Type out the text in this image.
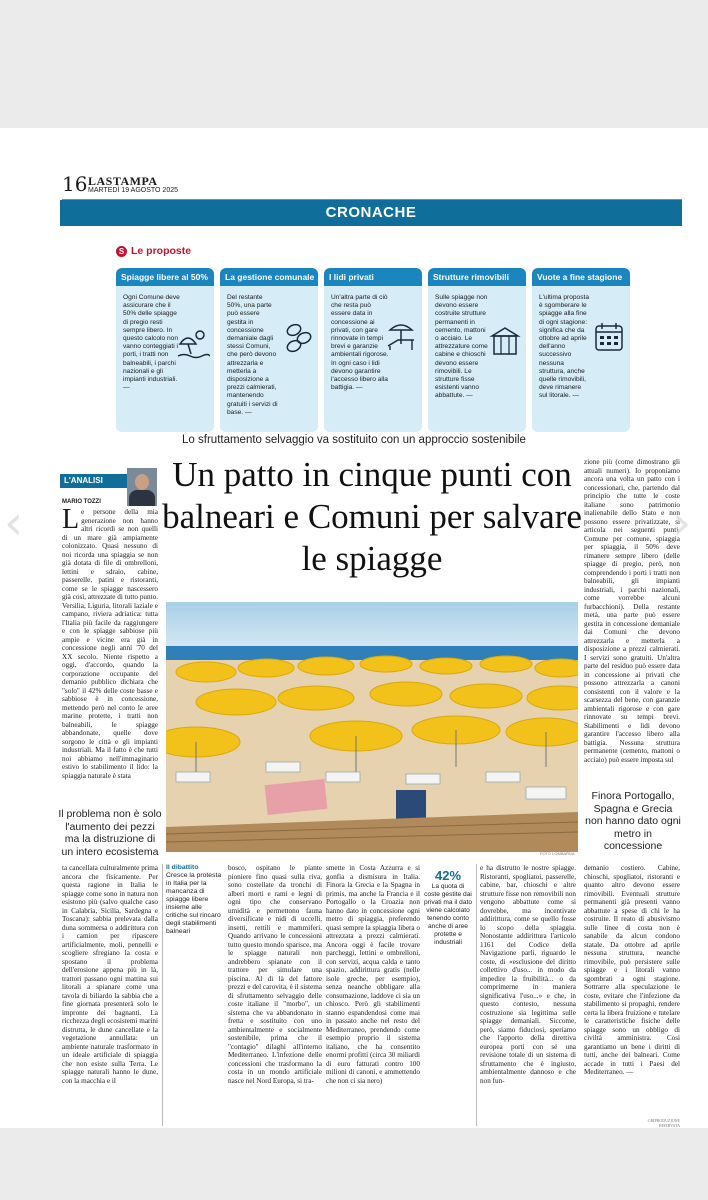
16 LASTAMPA
MARTEDÌ 19 AGOSTO 2025
CRONACHE
S Le proposte
Spiagge libere al 50%
Ogni Comune deve assicurare che il 50% delle spiagge di pregio resti sempre libero. In questo calcolo non vanno conteggiati i porti, i tratti non balneabili, i parchi nazionali e gli impianti industriali. —
La gestione comunale
Del restante 50%, una parte può essere gestita in concessione demaniale dagli stessi Comuni, che però devono attrezzarla e metterla a disposizione a prezzi calmierati, mantenendo gratuiti i servizi di base. —
I lidi privati
Un'altra parte di ciò che resta può essere data in concessione ai privati, con gare rinnovate in tempi brevi e garanzie ambientali rigorose. In ogni caso i lidi devono garantire l'accesso libero alla battigia. —
Strutture rimovibili
Sulle spiagge non devono essere costruite strutture permanenti in cemento, mattoni o acciaio. Le attrezzature come cabine e chioschi devono essere rimovibili. Le strutture fisse esistenti vanno abbattute. —
Vuote a fine stagione
L'ultima proposta è sgomberare le spiagge alla fine di ogni stagione: significa che da ottobre ad aprile dell'anno successivo nessuna struttura, anche quelle rimovibili, deve rimanere sul litorale. —
Lo sfruttamento selvaggio va sostituito con un approccio sostenibile
L'ANALISI
MARIO TOZZI
Un patto in cinque punti con balneari e Comuni per salvare le spiagge
Le persone della mia generazione non hanno altri ricordi se non quelli di un mare già ampiamente colonizzato. Quasi nessuno di noi ricorda una spiaggia se non già dotata di file di ombrelloni, lettini e sdraio, cabine, passerelle, patini e ristoranti, come se le spiagge nascessero già così, attrezzate di tutto punto. Versilia, Liguria, litorali laziale e campano, riviera adriatica: tutta l'Italia più facile da raggiungere e con le spiagge sabbiose più ampie e vicine era già in concessione negli anni '70 del XX secolo. Niente rispetto a oggi, d'accordo, quando la corporazione occupante del demanio pubblico dichiara che "solo" il 42% delle coste basse e sabbiose è in concessione, mettendo però nel conto le aree marine protette, i tratti non balneabili, le spiagge abbandonate, quelle dove sorgono le città e gli impianti industriali. Ma il fatto è che tutti noi abbiamo nell'immaginario estivo lo stabilimento il lido: la spiaggia naturale è stata
Il problema non è solo l'aumento dei pezzi ma la distruzione di un intero ecosistema
zione più (come dimostrano gli attuali numeri). Io proponiamo ancora una volta un patto con i concessionari, che, partendo dal principio che tutte le coste italiane sono patrimonio inalienabile dello Stato e non possono essere privatizzate, si articola nei seguenti punti. Comune per comune, spiaggia per spiaggia, il 50% deve rimanere sempre libero (delle spiagge di pregio, però, non comprendendo i porti i tratti non balneabili, gli impianti industriali, i parchi nazionali, come vorrebbe alcuni furbacchioni). Della restante metà, una parte può essere gestita in concessione demaniale dai Comuni che devono attrezzarla e metterla a disposizione a prezzi calmierati. I servizi sono gratuiti. Un'altra parte del residuo può essere data in concessione ai privati che possono attrezzarla a canoni consistenti con il valore e la scarsezza del bene, con garanzie ambientali rigorose e con gare rinnovate su tempi brevi. Stabilimenti e lidi devono garantire l'accesso libero alla battigia. Nessuna struttura permanente (cemento, mattoni o acciaio) può essere imposta sul
Finora Portogallo, Spagna e Grecia non hanno dato ogni metro in concessione
FOTO LOMBARDA
ta cancellata culturalmente prima ancora che fisicamente. Per questa ragione in Italia le spiagge come sono in natura non esistono più (salvo qualche caso in Calabria, Sicilia, Sardegna e Toscana): sabbia prelevata dalla duna sommersa o addirittura con i camion per ripascere artificialmente, moli, pennelli e scogliere sfregiano la costa e spostano il problema dell'erosione appena più in là, trattori passano ogni mattina sui litorali a spianare come una tavola di biliardo la sabbia che a fine giornata presenterà solo le impronte dei bagnanti. La ricchezza degli ecosistemi marini distrutta, le dune cancellate e la vegetazione annullata: un ambiente naturale trasformato in un ideale artificiale di spiaggia che non esiste sulla Terra. Le spiagge naturali hanno le dune, con la macchia e il
Il dibattito
Cresce la protesta in Italia per la mancanza di spiagge libere insieme alle critiche sul rincaro degli stabilimenti balneari
bosco, ospitano le piante pioniere fino quasi sulla riva, sono costellate da tronchi di alberi morti e rami e legni di ogni tipo che conservano umidità e permettono fauna diversificate e nidi di uccelli, insetti, rettili e mammiferi. Quando arrivano le concessioni tutto questo mondo sparisce, ma le spiagge naturali non andrebbero spianate con il trattore per simulare una piscina. Al di là del fattore prezzi e del carovita, è il sistema di sfruttamento selvaggio delle coste italiane il "morbo", un sistema che va abbandonato in fretta e sostituito con uno ambientalmente e socialmente sostenibile, prima che il "contagio" dilaghi all'interno Mediterraneo. L'infezione delle concessioni che trasformano la costa in un mondo artificiale nasce nel Nord Europa, si tra-
smette in Costa Azzurra e si gonfia a dismisura in Italia. Finora la Grecia e la Spagna in primis, ma anche la Francia e il Portogallo o la Croazia non hanno dato in concessione ogni metro di spiaggia, preferendo quasi sempre la spiaggia libera o attrezzata a prezzi calmierati. Ancora oggi è facile trovare parcheggi, lettini e ombrelloni, con servizi, acqua calda e tanto spazio, addirittura gratis (nelle isole greche, per esempio), senza neanche obbligare alla consumazione, laddove ci sia un chiosco. Però gli stabilimenti stanno espandendosi come mai in passato anche nel resto del Mediterraneo, prendendo come esempio proprio il sistema italiano, che ha consentito enormi profitti (circa 30 miliardi di euro fatturati contro 100 milioni di canoni, e ammettendo che non ci sia nero)
42%
La quota di coste gestite dai privati ma il dato viene calcolato tenendo conto anche di aree protette e industriali
e ha distrutto le nostre spiagge. Ristoranti, spogliatoi, passerelle, cabine, bar, chioschi e altre strutture fisse non removibili non vengono abbattute come si dovrebbe, ma incentivate addirittura, come se quello fosse lo scopo della spiaggia. Nonostante addirittura l'articolo 1161 del Codice della Navigazione parli, riguardo le coste, di «esclusione del diritto collettivo d'uso... in modo da impedire la fruibilità... o da comprimerne in maniera significativa l'uso...» e che, in questo contesto, nessuna costruzione sia legittima sulle spiagge demaniali. Siccome, però, siamo fiduciosi, speriamo che l'apporto della direttiva europea porti con sé una revisione totale di un sistema di sfruttamento che è ingiusto, ambientalmente dannoso e che non fun-
demanio costiero. Cabine, chioschi, spogliatoi, ristoranti e quanto altro devono essere rimovibili. Eventuali strutture permanenti già presenti vanno abbattute a spese di chi le ha costruite. Il reato di abusivismo sulle linee di costa non è sanabile da alcun condono statale. Da ottobre ad aprile nessuna struttura, neanche rimovibile, può persistere sulle spiagge e i litorali vanno sgombrati a ogni stagione. Sottrarre alla speculazione le coste, evitare che l'infezione da stabilimento si propaghi, rendere certa la libera fruizione e tutelare le caratteristiche fisiche delle spiagge sono un obbligo di civiltà amministra. Così garantiamo un bene i diritti di tutti, anche dei balneari. Come accade in tutti i Paesi del Mediterraneo. —
©RIPRODUZIONE RISERVATA
‹	›
